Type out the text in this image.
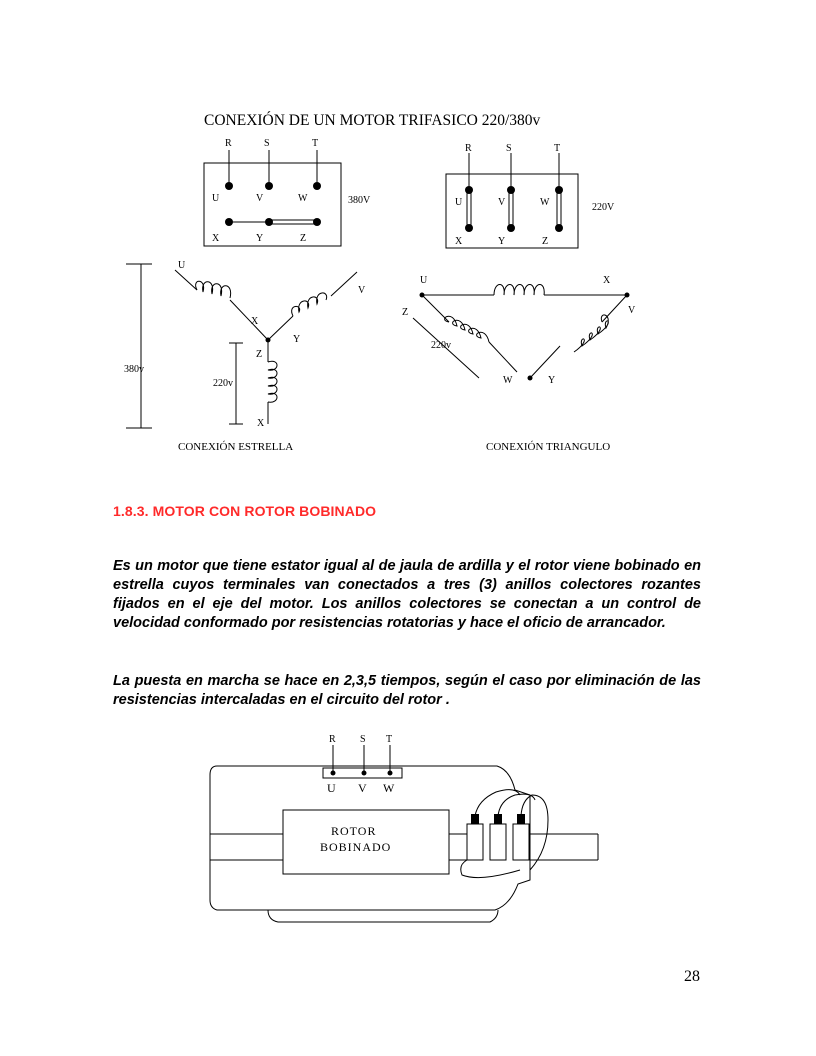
CONEXIÓN DE UN MOTOR TRIFASICO 220/380v
R	S	T
U	V	W
X	Y	Z
380V
R	S	T
U	V	W
X	Y	Z
220V
U
X
V
Y
Z
X
380v
220v
CONEXIÓN ESTRELLA
U	X
V
Z
W	Y
220v
CONEXIÓN TRIANGULO
1.8.3. MOTOR CON ROTOR BOBINADO

Es un motor que tiene estator igual al de jaula de ardilla y el rotor viene bobinado en estrella cuyos terminales van conectados a tres (3) anillos colectores rozantes fijados en el eje del motor. Los anillos colectores se conectan a un control de velocidad conformado por resistencias rotatorias y hace el oficio de arrancador.

La puesta en marcha se hace en 2,3,5 tiempos, según el caso por eliminación de las resistencias intercaladas en el circuito del rotor .

R S T
U V W
ROTOR
BOBINADO
28
